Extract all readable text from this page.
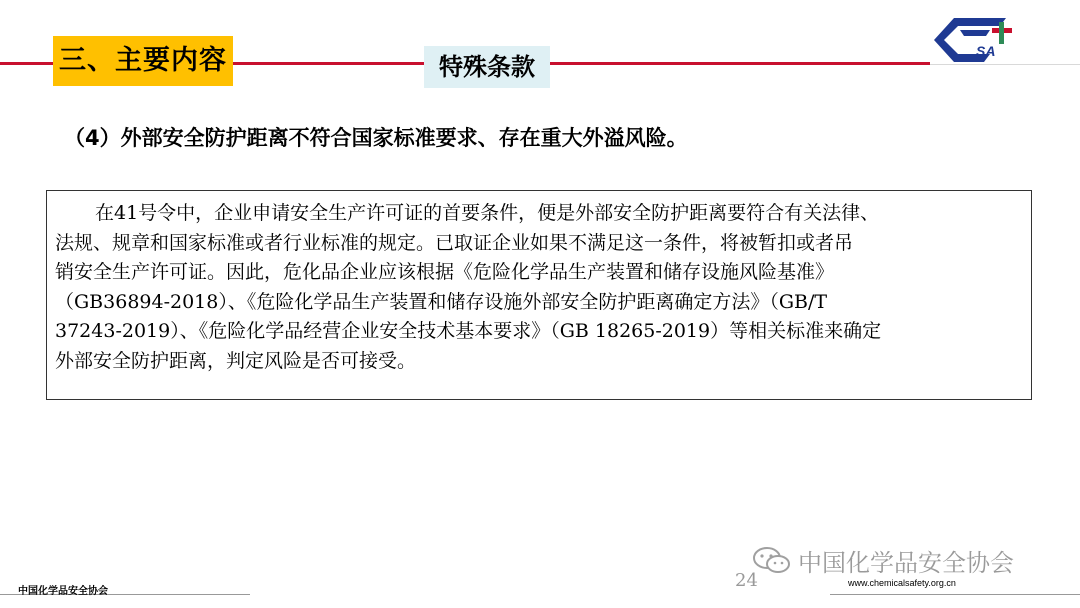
三、主要内容	特殊条款
SA
（4）外部安全防护距离不符合国家标准要求、存在重大外溢风险。
在41号令中，企业申请安全生产许可证的首要条件，便是外部安全防护距离要符合有关法律、
法规、规章和国家标准或者行业标准的规定。已取证企业如果不满足这一条件，将被暂扣或者吊
销安全生产许可证。因此，危化品企业应该根据《危险化学品生产装置和储存设施风险基准》
（GB36894-2018）、《危险化学品生产装置和储存设施外部安全防护距离确定方法》（GB/T
37243-2019）、《危险化学品经营企业安全技术基本要求》（GB 18265-2019）等相关标准来确定
外部安全防护距离，判定风险是否可接受。
中国化学品安全协会
24	www.chemicalsafety.org.cn
中国化学品安全协会
